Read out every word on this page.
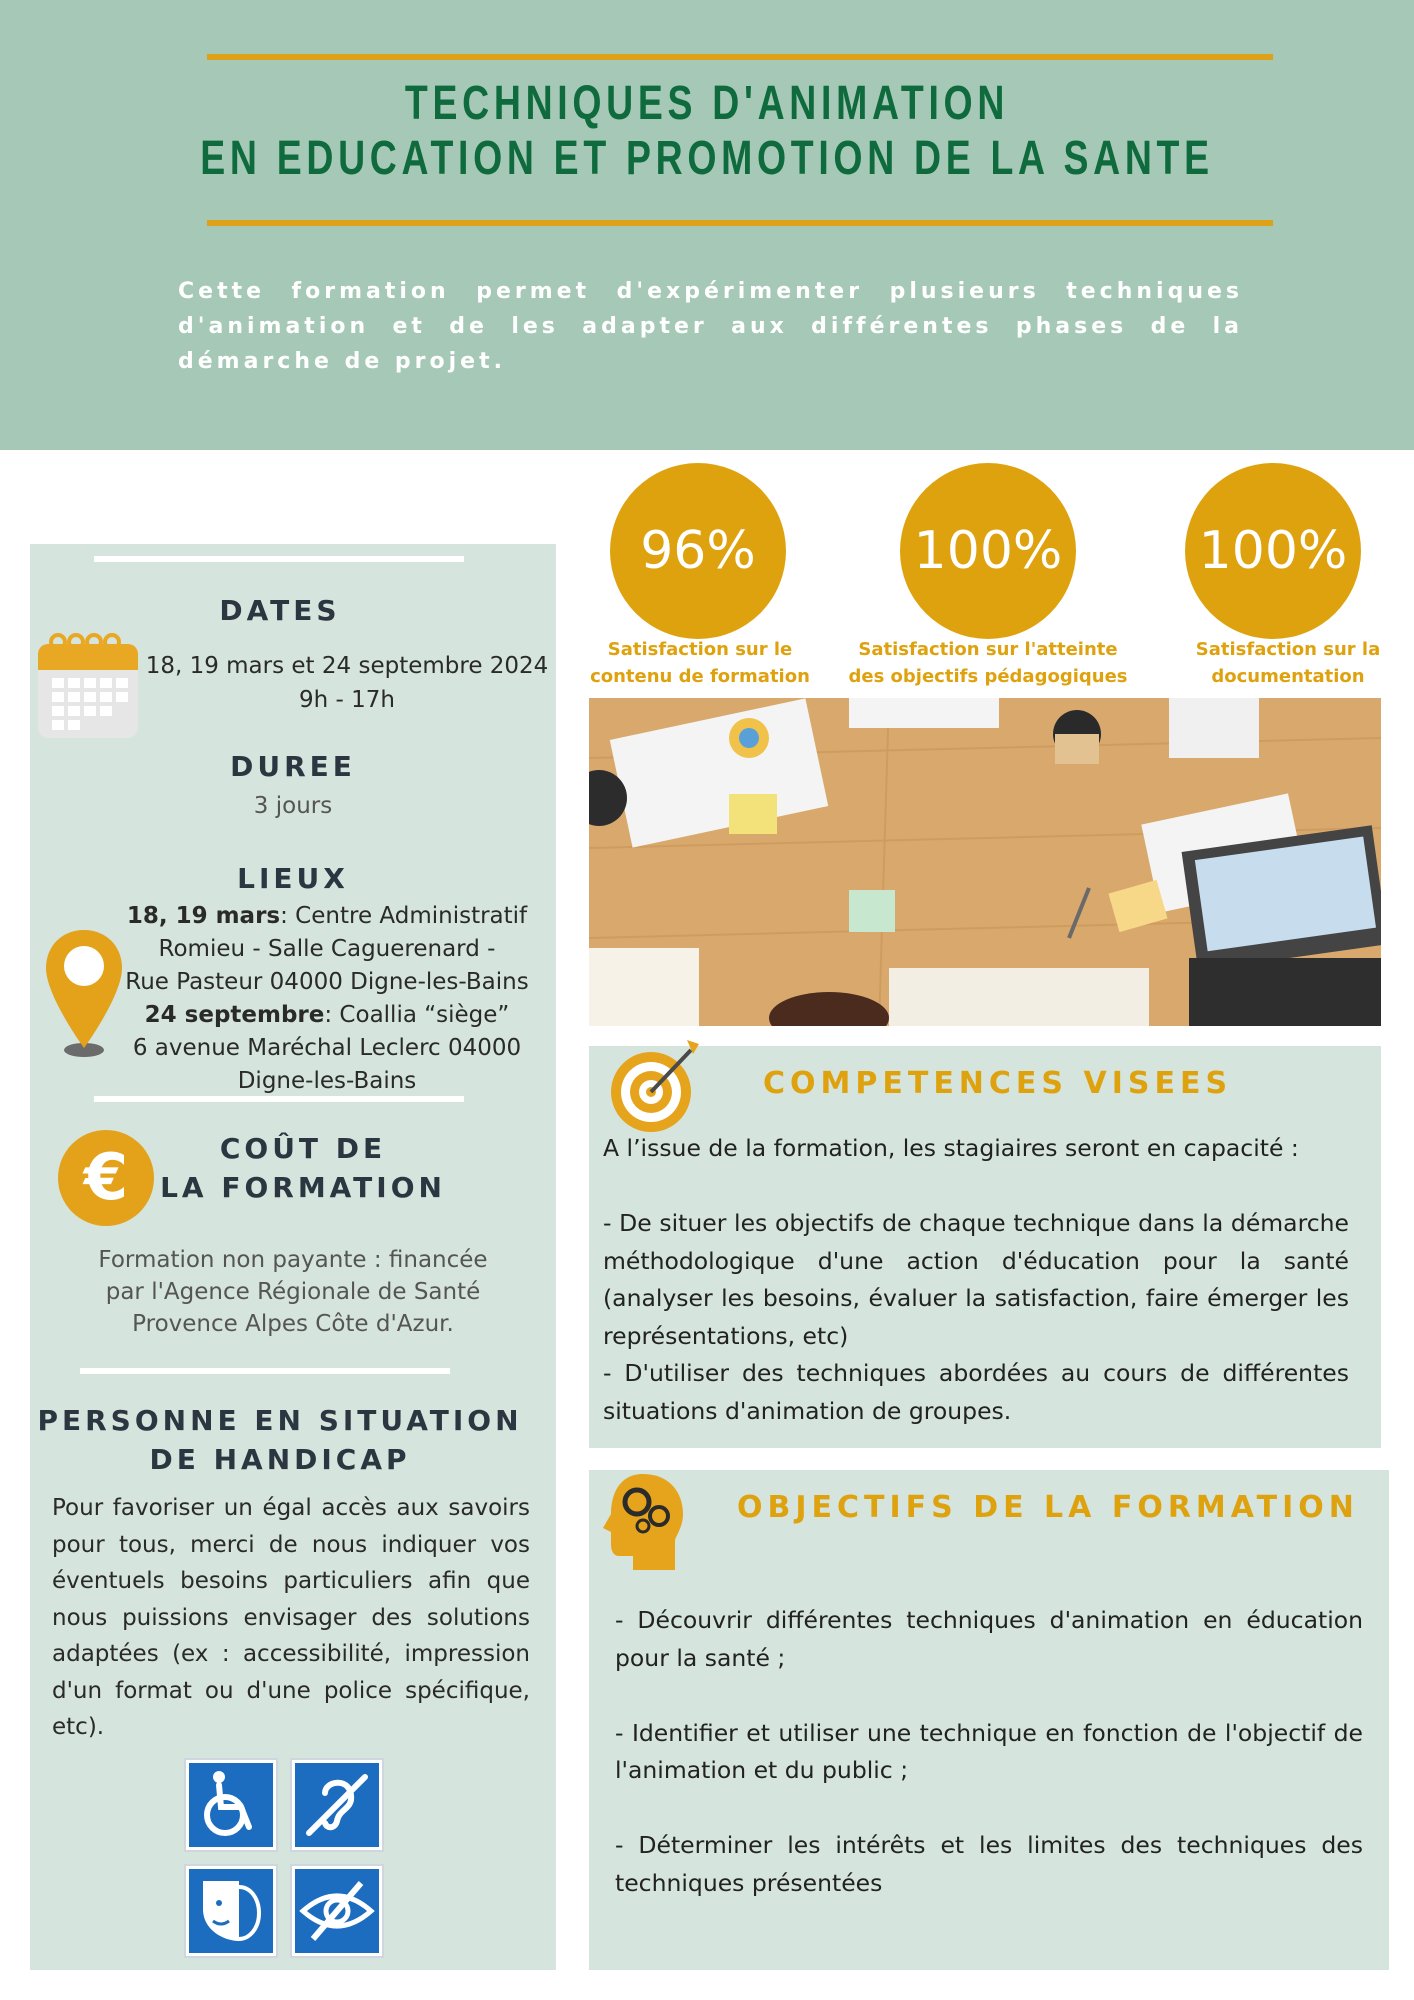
TECHNIQUES D'ANIMATION
EN EDUCATION ET PROMOTION DE LA SANTE
Cette formation permet d'expérimenter plusieurs techniques d'animation et de les adapter aux différentes phases de la démarche de projet.
DATES
18, 19 mars et 24 septembre 2024
9h - 17h
DUREE
3 jours
LIEUX
18, 19 mars: Centre Administratif
Romieu - Salle Caguerenard -
Rue Pasteur 04000 Digne-les-Bains
24 septembre: Coallia “siège”
6 avenue Maréchal Leclerc 04000
Digne-les-Bains
€	COÛT DE
LA FORMATION
Formation non payante : financée
par l'Agence Régionale de Santé
Provence Alpes Côte d'Azur.
PERSONNE EN SITUATION
DE HANDICAP
Pour favoriser un égal accès aux savoirs pour tous, merci de nous indiquer vos éventuels besoins particuliers afin que nous puissions envisager des solutions adaptées (ex : accessibilité, impression d'un format ou d'une police spécifique, etc).
96%	100%	100%
Satisfaction sur le
contenu de formation
Satisfaction sur l'atteinte
des objectifs pédagogiques
Satisfaction sur la
documentation
COMPETENCES VISEES

A l’issue de la formation, les stagiaires seront en capacité :

- De situer les objectifs de chaque technique dans la démarche méthodologique d'une action d'éducation pour la santé (analyser les besoins, évaluer la satisfaction, faire émerger les représentations, etc)

- D'utiliser des techniques abordées au cours de différentes situations d'animation de groupes.

OBJECTIFS DE LA FORMATION

- Découvrir différentes techniques d'animation en éducation pour la santé ;

- Identifier et utiliser une technique en fonction de l'objectif de l'animation et du public ;

- Déterminer les intérêts et les limites des techniques des techniques présentées
